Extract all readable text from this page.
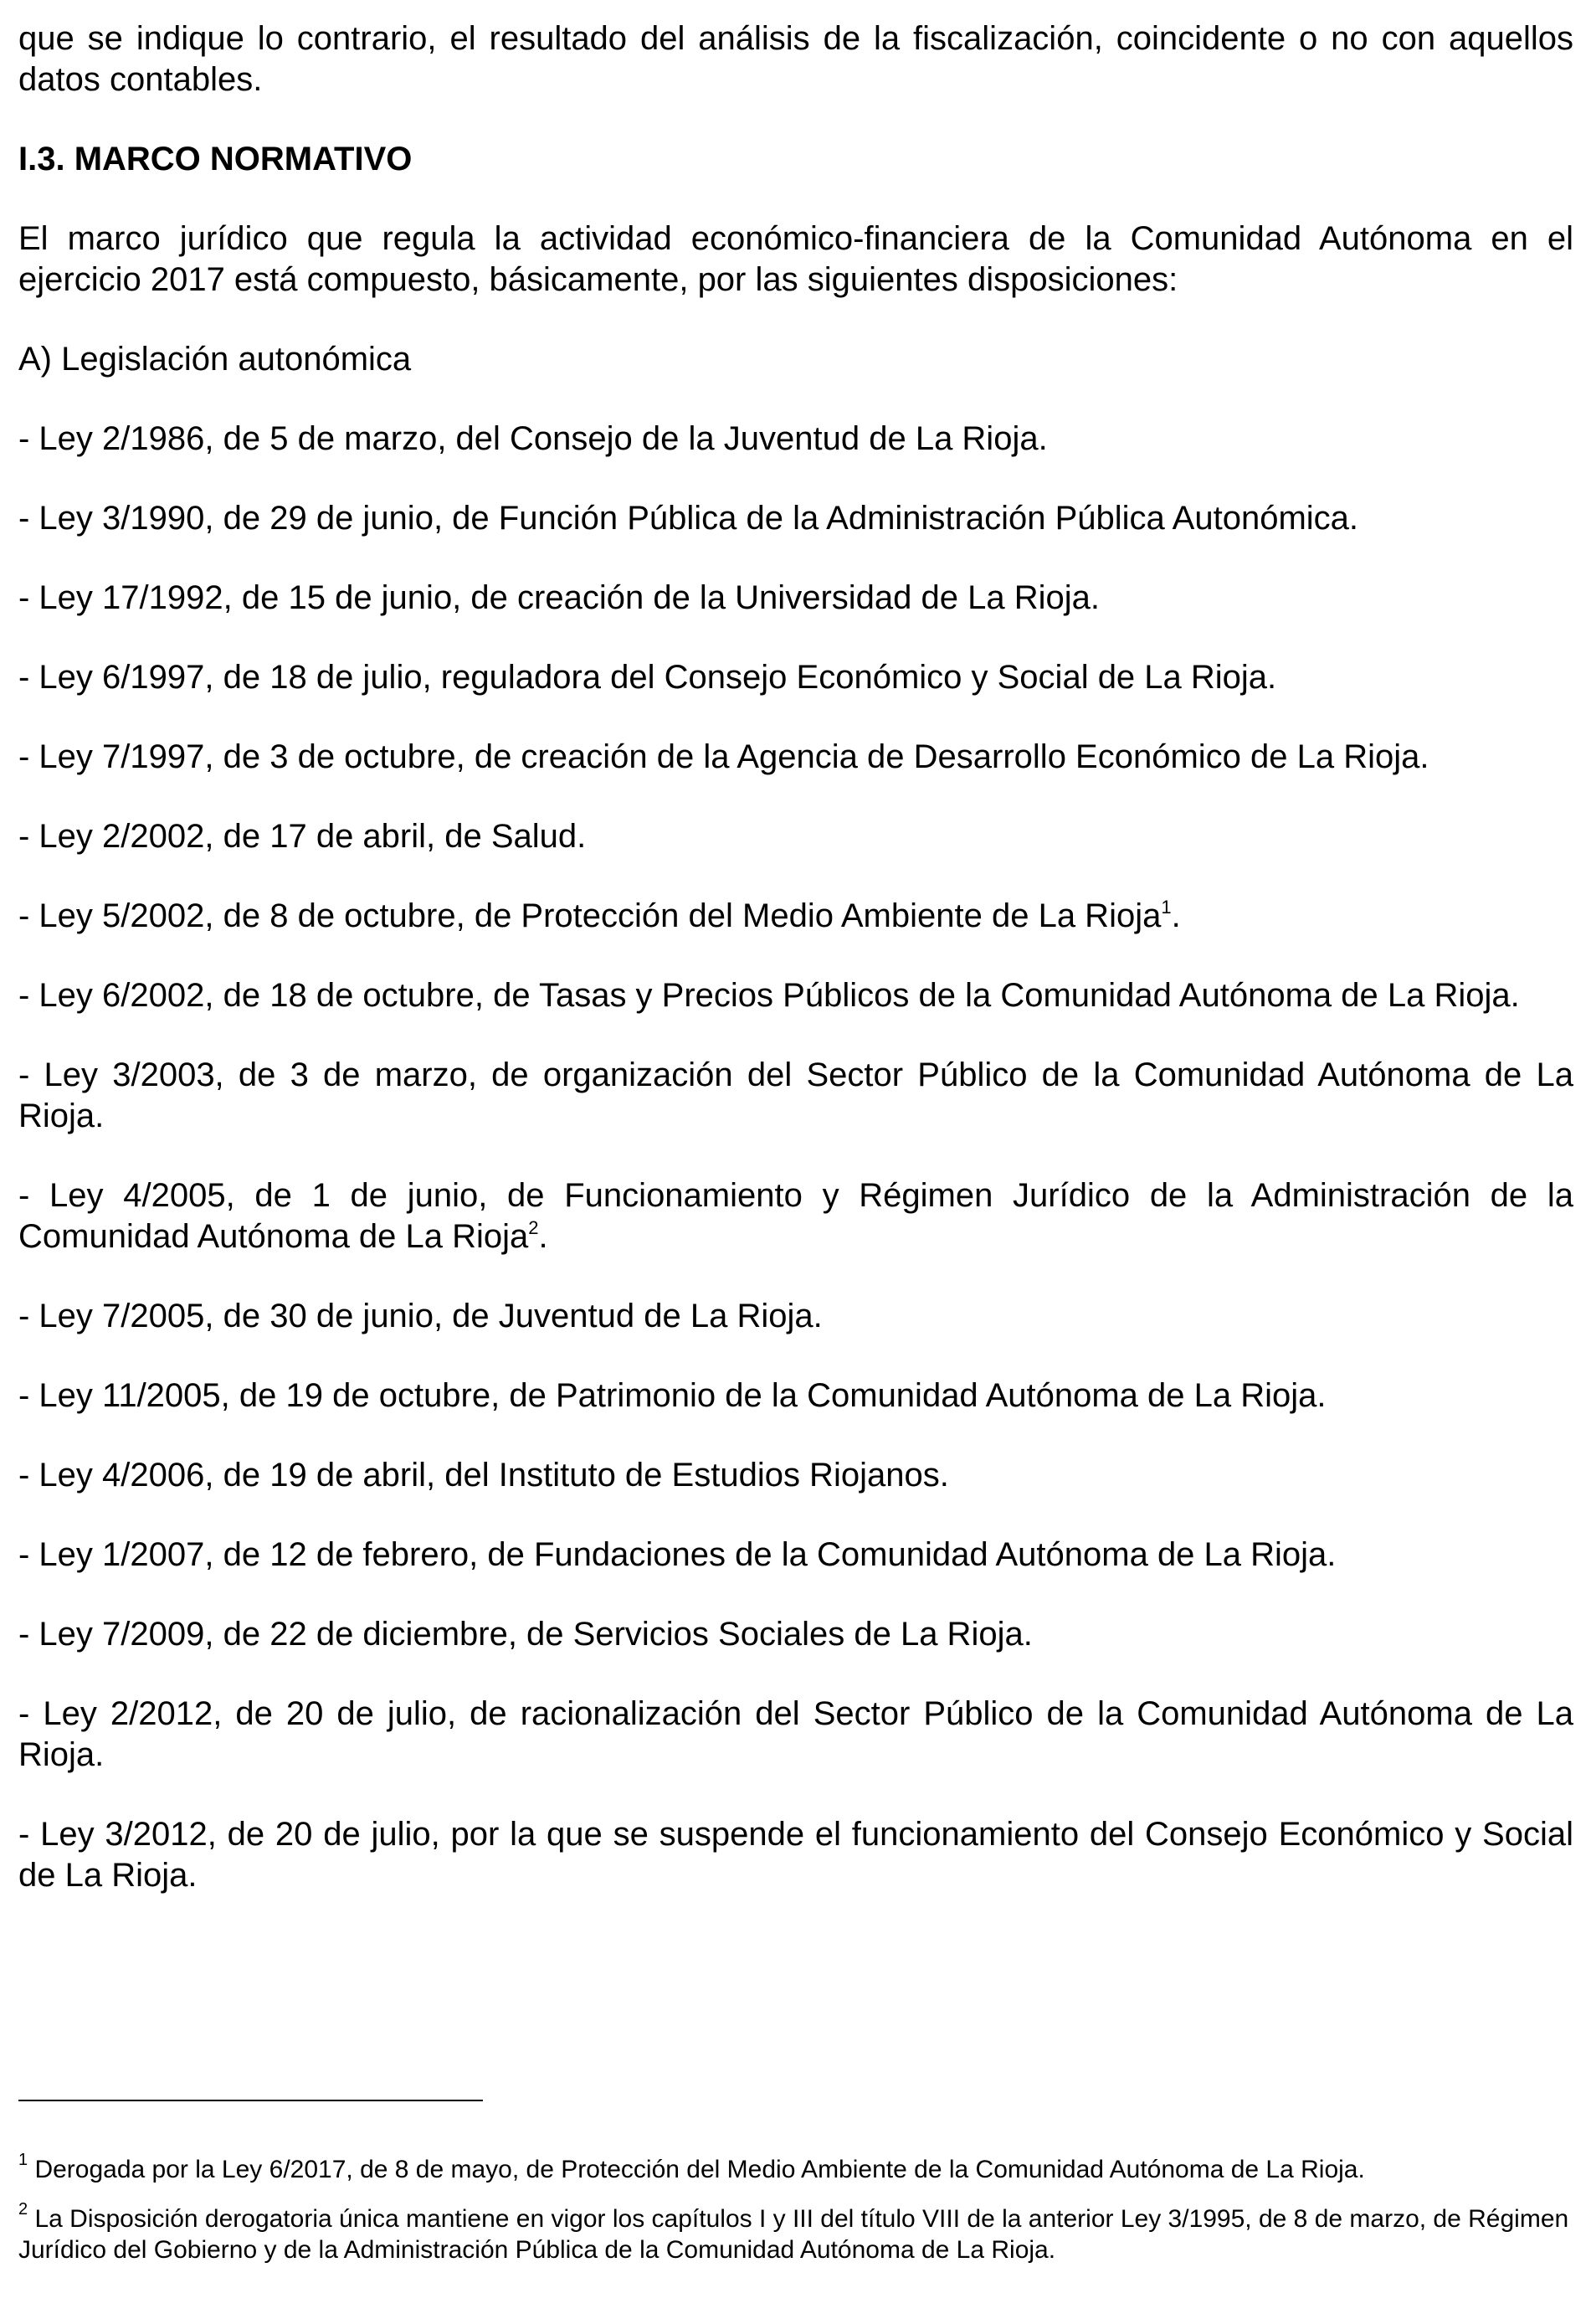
que se indique lo contrario, el resultado del análisis de la fiscalización, coincidente o no con aquellos datos contables.

I.3. MARCO NORMATIVO

El marco jurídico que regula la actividad económico-financiera de la Comunidad Autónoma en el ejercicio 2017 está compuesto, básicamente, por las siguientes disposiciones:

A) Legislación autonómica

- Ley 2/1986, de 5 de marzo, del Consejo de la Juventud de La Rioja.

- Ley 3/1990, de 29 de junio, de Función Pública de la Administración Pública Autonómica.

- Ley 17/1992, de 15 de junio, de creación de la Universidad de La Rioja.

- Ley 6/1997, de 18 de julio, reguladora del Consejo Económico y Social de La Rioja.

- Ley 7/1997, de 3 de octubre, de creación de la Agencia de Desarrollo Económico de La Rioja.

- Ley 2/2002, de 17 de abril, de Salud.

- Ley 5/2002, de 8 de octubre, de Protección del Medio Ambiente de La Rioja$^1$.

- Ley 6/2002, de 18 de octubre, de Tasas y Precios Públicos de la Comunidad Autónoma de La Rioja.

- Ley 3/2003, de 3 de marzo, de organización del Sector Público de la Comunidad Autónoma de La Rioja.

- Ley 4/2005, de 1 de junio, de Funcionamiento y Régimen Jurídico de la Administración de la Comunidad Autónoma de La Rioja$^2$.

- Ley 7/2005, de 30 de junio, de Juventud de La Rioja.

- Ley 11/2005, de 19 de octubre, de Patrimonio de la Comunidad Autónoma de La Rioja.

- Ley 4/2006, de 19 de abril, del Instituto de Estudios Riojanos.

- Ley 1/2007, de 12 de febrero, de Fundaciones de la Comunidad Autónoma de La Rioja.

- Ley 7/2009, de 22 de diciembre, de Servicios Sociales de La Rioja.

- Ley 2/2012, de 20 de julio, de racionalización del Sector Público de la Comunidad Autónoma de La Rioja.

- Ley 3/2012, de 20 de julio, por la que se suspende el funcionamiento del Consejo Económico y Social de La Rioja.

$^1$ Derogada por la Ley 6/2017, de 8 de mayo, de Protección del Medio Ambiente de la Comunidad Autónoma de La Rioja.

$^2$ La Disposición derogatoria única mantiene en vigor los capítulos I y III del título VIII de la anterior Ley 3/1995, de 8 de marzo, de Régimen Jurídico del Gobierno y de la Administración Pública de la Comunidad Autónoma de La Rioja.
